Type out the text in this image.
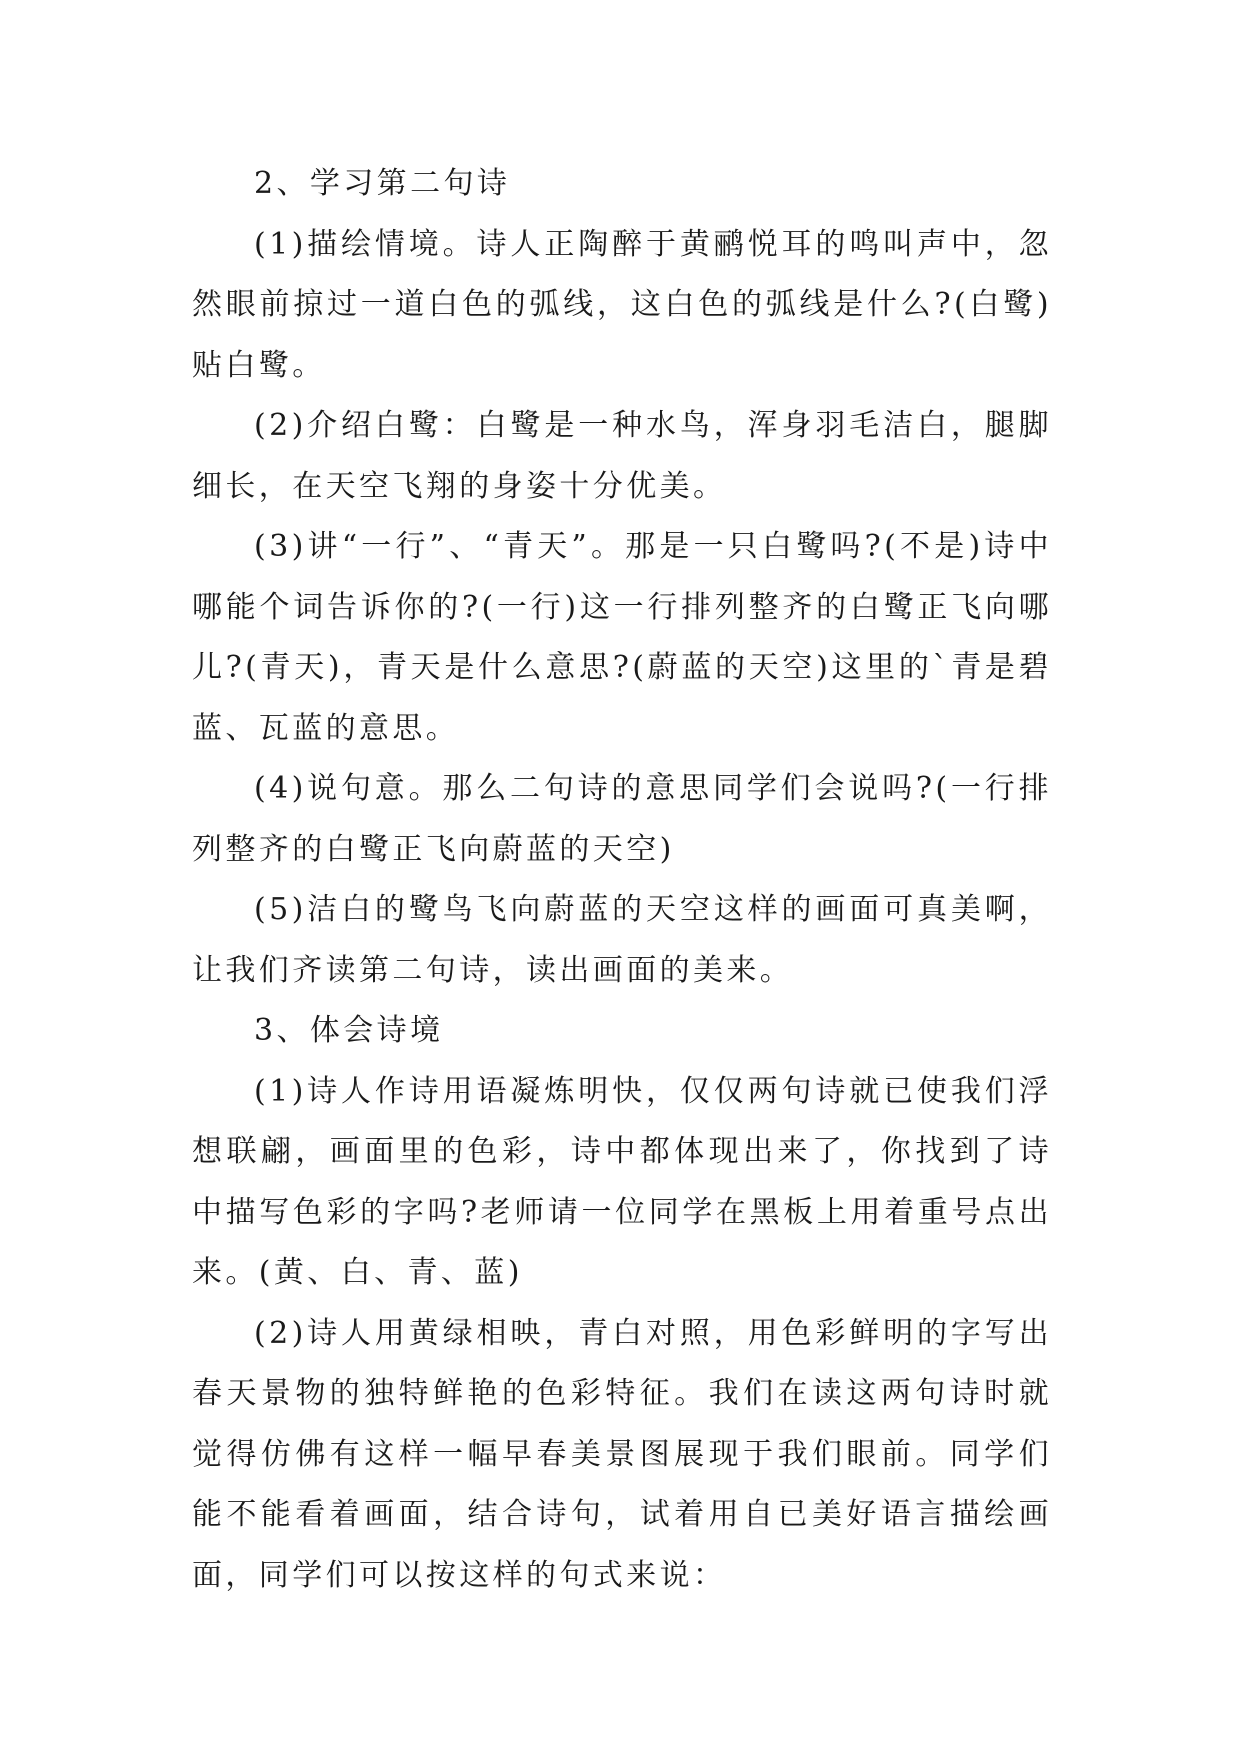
2、学习第二句诗

(1)描绘情境。诗人正陶醉于黄鹂悦耳的鸣叫声中，忽然眼前掠过一道白色的弧线，这白色的弧线是什么?(白鹭)贴白鹭。

(2)介绍白鹭：白鹭是一种水鸟，浑身羽毛洁白，腿脚细长，在天空飞翔的身姿十分优美。

(3)讲“一行”、“青天”。那是一只白鹭吗?(不是)诗中哪能个词告诉你的?(一行)这一行排列整齐的白鹭正飞向哪儿?(青天)，青天是什么意思?(蔚蓝的天空)这里的`青是碧蓝、瓦蓝的意思。

(4)说句意。那么二句诗的意思同学们会说吗?(一行排列整齐的白鹭正飞向蔚蓝的天空)

(5)洁白的鹭鸟飞向蔚蓝的天空这样的画面可真美啊，让我们齐读第二句诗，读出画面的美来。

3、体会诗境

(1)诗人作诗用语凝炼明快，仅仅两句诗就已使我们浮想联翩，画面里的色彩，诗中都体现出来了，你找到了诗中描写色彩的字吗?老师请一位同学在黑板上用着重号点出来。(黄、白、青、蓝)

(2)诗人用黄绿相映，青白对照，用色彩鲜明的字写出春天景物的独特鲜艳的色彩特征。我们在读这两句诗时就觉得仿佛有这样一幅早春美景图展现于我们眼前。同学们能不能看着画面，结合诗句，试着用自已美好语言描绘画面，同学们可以按这样的句式来说：
